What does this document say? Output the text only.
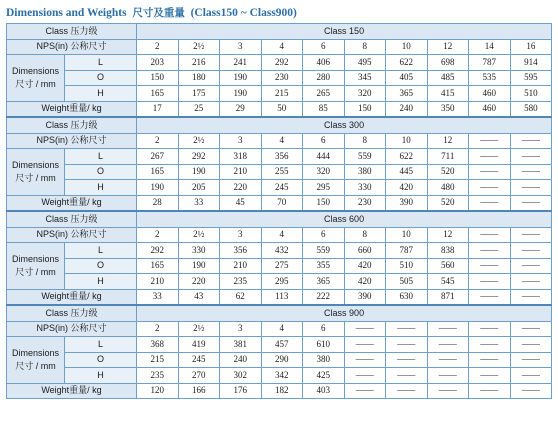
Dimensions and Weights 尺寸及重量 (Class150 ~ Class900)
Class 压力级		Class 150									
NPS(in) 公称尺寸		2	2½	3	4	6	8	10	12	14	16

Dimensions
尺寸 / mm	L	203	216	241	292	406	495	622	698	787	914
	O	150	180	190	230	280	345	405	485	535	595
	H	165	175	190	215	265	320	365	415	460	510
Weight重量/ kg		17	25	29	50	85	150	240	350	460	580
Class 压力级		Class 300									
NPS(in) 公称尺寸		2	2½	3	4	6	8	10	12	——	——

Dimensions
尺寸 / mm	L	267	292	318	356	444	559	622	711	——	——
	O	165	190	210	255	320	380	445	520	——	——
	H	190	205	220	245	295	330	420	480	——	——
Weight重量/ kg		28	33	45	70	150	230	390	520	——	——
Class 压力级		Class 600									
NPS(in) 公称尺寸		2	2½	3	4	6	8	10	12	——	——

Dimensions
尺寸 / mm	L	292	330	356	432	559	660	787	838	——	——
	O	165	190	210	275	355	420	510	560	——	——
	H	210	220	235	295	365	420	505	545	——	——
Weight重量/ kg		33	43	62	113	222	390	630	871	——	——
Class 压力级		Class 900									
NPS(in) 公称尺寸		2	2½	3	4	6	——	——	——	——	——

Dimensions
尺寸 / mm	L	368	419	381	457	610	——	——	——	——	——
	O	215	245	240	290	380	——	——	——	——	——
	H	235	270	302	342	425	——	——	——	——	——
Weight重量/ kg		120	166	176	182	403	——	——	——	——	——
